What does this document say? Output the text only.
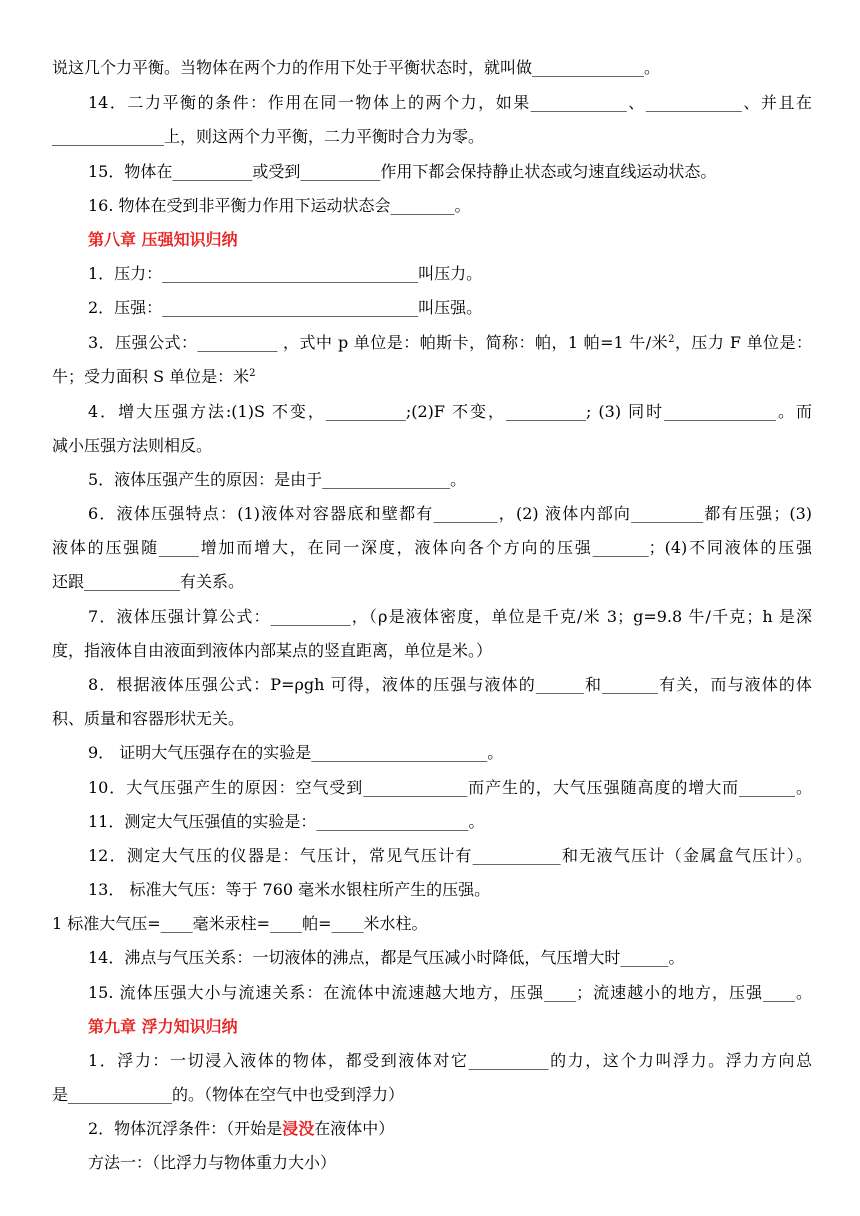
说这几个力平衡。当物体在两个力的作用下处于平衡状态时，就叫做______________。
14．二力平衡的条件：作用在同一物体上的两个力，如果____________、____________、并且在
______________上，则这两个力平衡，二力平衡时合力为零。
15．物体在__________或受到__________作用下都会保持静止状态或匀速直线运动状态。
16. 物体在受到非平衡力作用下运动状态会________。
第八章 压强知识归纳
1．压力：________________________________叫压力。
2．压强：________________________________叫压强。
3．压强公式：__________ ，式中 p 单位是：帕斯卡，简称：帕，1 帕=1 牛/米$^2$，压力 F 单位是：
牛；受力面积 S 单位是：米$^2$
4．增大压强方法:(1)S 不变，__________;(2)F 不变，__________; (3) 同时______________。而
减小压强方法则相反。
5．液体压强产生的原因：是由于________________。
6．液体压强特点：(1)液体对容器底和壁都有________，(2) 液体内部向_________都有压强；(3)
液体的压强随_____增加而增大，在同一深度，液体向各个方向的压强_______；(4)不同液体的压强
还跟____________有关系。
7．液体压强计算公式：__________，（ρ是液体密度，单位是千克/米 3；g=9.8 牛/千克；h 是深
度，指液体自由液面到液体内部某点的竖直距离，单位是米。）
8．根据液体压强公式：P=ρgh 可得，液体的压强与液体的______和_______有关，而与液体的体
积、质量和容器形状无关。
9． 证明大气压强存在的实验是______________________。
10．大气压强产生的原因：空气受到_____________而产生的，大气压强随高度的增大而_______。
11．测定大气压强值的实验是：___________________。
12．测定大气压的仪器是：气压计，常见气压计有___________和无液气压计（金属盒气压计）。
13． 标准大气压：等于 760 毫米水银柱所产生的压强。
1 标准大气压=____毫米汞柱=____帕=____米水柱。
14．沸点与气压关系：一切液体的沸点，都是气压减小时降低，气压增大时______。
15. 流体压强大小与流速关系：在流体中流速越大地方，压强____；流速越小的地方，压强____。
第九章 浮力知识归纳
1．浮力：一切浸入液体的物体，都受到液体对它__________的力，这个力叫浮力。浮力方向总
是_____________的。（物体在空气中也受到浮力）
2．物体沉浮条件：（开始是浸没在液体中）
方法一：（比浮力与物体重力大小）
